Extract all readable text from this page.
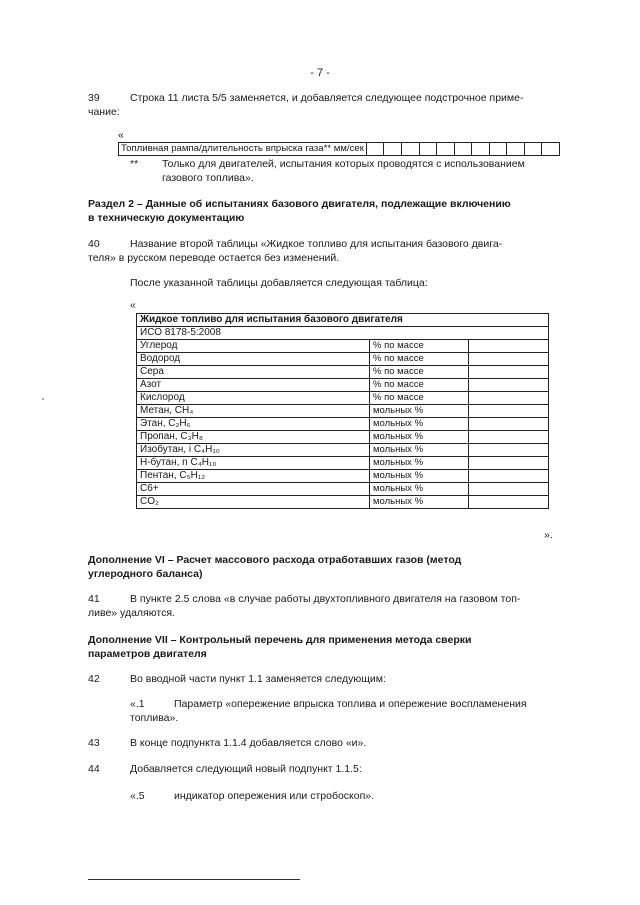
- 7 -
39	Строка 11 листа 5/5 заменяется, и добавляется следующее подстрочное приме-
чание:
«
Топливная рампа/длительность впрыска газа** мм/сек
** Только для двигателей, испытания которых проводятся с использованием
газового топлива».
Раздел 2 – Данные об испытаниях базового двигателя, подлежащие включению
в техническую документацию
40	Название второй таблицы «Жидкое топливо для испытания базового двига-
теля» в русском переводе остается без изменений.
После указанной таблицы добавляется следующая таблица:
«
Жидкое топливо для испытания базового двигателя		
ИСО 8178-5:2008		
Углерод	% по массе	
Водород	% по массе	
Сера	% по массе	
Азот	% по массе	
Кислород	% по массе	
Метан, CH₄	мольных %	
Этан, C₂H₆	мольных %	
Пропан, C₃H₈	мольных %	
Изобутан, i C₄H₁₀	мольных %	
Н-бутан, n C₄H₁₀	мольных %	
Пентан, C₅H₁₂	мольных %	
C6+	мольных %	
CO₂	мольных %	
».
Дополнение VI – Расчет массового расхода отработавших газов (метод
углеродного баланса)
41	В пункте 2.5 слова «в случае работы двухтопливного двигателя на газовом топ-
ливе» удаляются.
Дополнение VII – Контрольный перечень для применения метода сверки
параметров двигателя
42	Во вводной части пункт 1.1 заменяется следующим:
«.1	Параметр «опережение впрыска топлива и опережение воспламенения
топлива».
43	В конце подпункта 1.1.4 добавляется слово «и».
44	Добавляется следующий новый подпункт 1.1.5:
«.5	индикатор опережения или стробоскоп».
